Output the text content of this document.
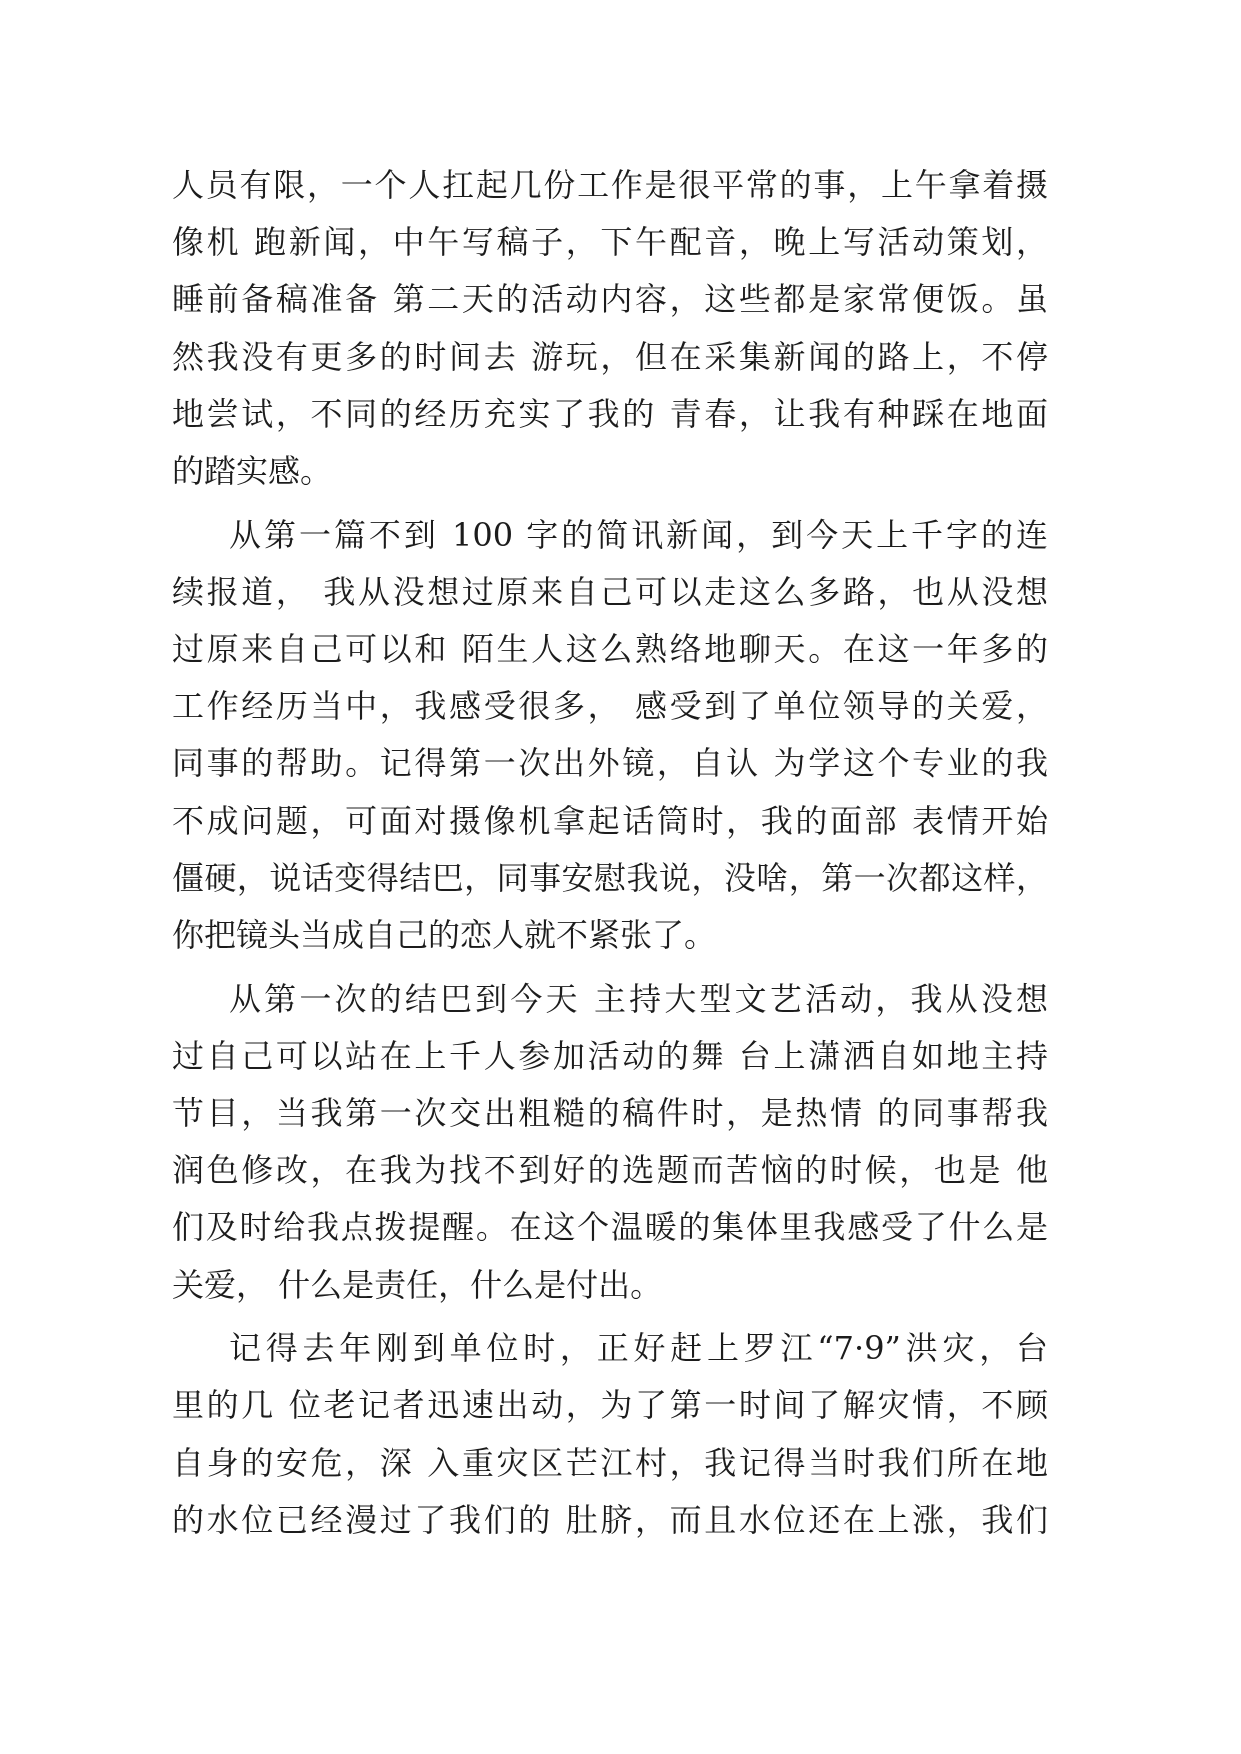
人员有限，一个人扛起几份工作是很平常的事，上午拿着摄
像机 跑新闻，中午写稿子，下午配音，晚上写活动策划，
睡前备稿准备 第二天的活动内容，这些都是家常便饭。虽
然我没有更多的时间去 游玩，但在采集新闻的路上，不停
地尝试，不同的经历充实了我的 青春，让我有种踩在地面
的踏实感。
从第一篇不到 100 字的简讯新闻，到今天上千字的连
续报道， 我从没想过原来自己可以走这么多路，也从没想
过原来自己可以和 陌生人这么熟络地聊天。在这一年多的
工作经历当中，我感受很多， 感受到了单位领导的关爱，
同事的帮助。记得第一次出外镜，自认 为学这个专业的我
不成问题，可面对摄像机拿起话筒时，我的面部 表情开始
僵硬，说话变得结巴，同事安慰我说，没啥，第一次都这样，
你把镜头当成自己的恋人就不紧张了。
从第一次的结巴到今天 主持大型文艺活动，我从没想
过自己可以站在上千人参加活动的舞 台上潇洒自如地主持
节目，当我第一次交出粗糙的稿件时，是热情 的同事帮我
润色修改，在我为找不到好的选题而苦恼的时候，也是 他
们及时给我点拨提醒。在这个温暖的集体里我感受了什么是
关爱， 什么是责任，什么是付出。
记得去年刚到单位时，正好赶上罗江“7·9”洪灾，台
里的几 位老记者迅速出动，为了第一时间了解灾情，不顾
自身的安危，深 入重灾区芒江村，我记得当时我们所在地
的水位已经漫过了我们的 肚脐，而且水位还在上涨，我们
